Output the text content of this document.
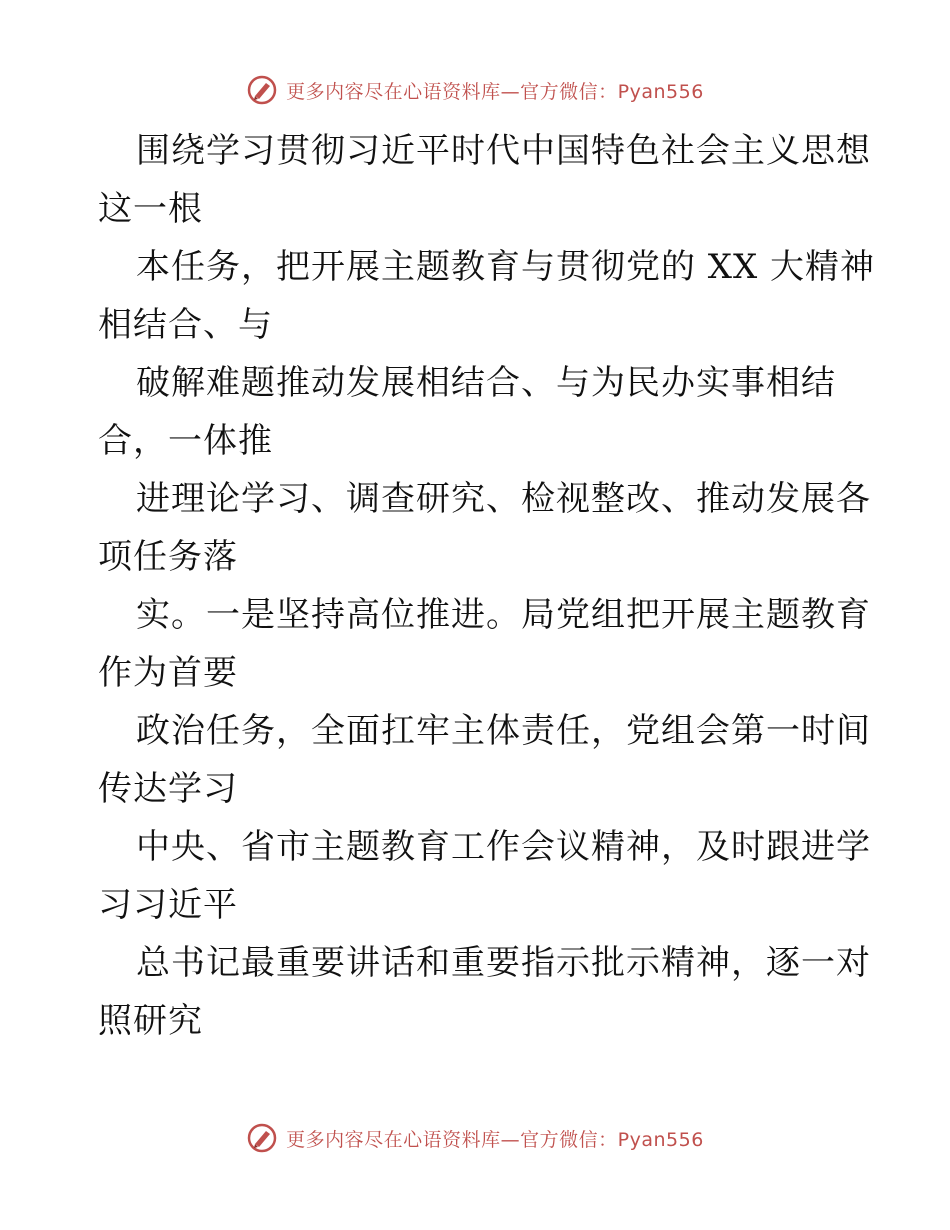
更多内容尽在心语资料库—官方微信：Pyan556
围绕学习贯彻习近平时代中国特色社会主义思想
这一根
本任务，把开展主题教育与贯彻党的 XX 大精神
相结合、与
破解难题推动发展相结合、与为民办实事相结
合，一体推
进理论学习、调查研究、检视整改、推动发展各
项任务落
实。一是坚持高位推进。局党组把开展主题教育
作为首要
政治任务，全面扛牢主体责任，党组会第一时间
传达学习
中央、省市主题教育工作会议精神，及时跟进学
习习近平
总书记最重要讲话和重要指示批示精神，逐一对
照研究
更多内容尽在心语资料库—官方微信：Pyan556
